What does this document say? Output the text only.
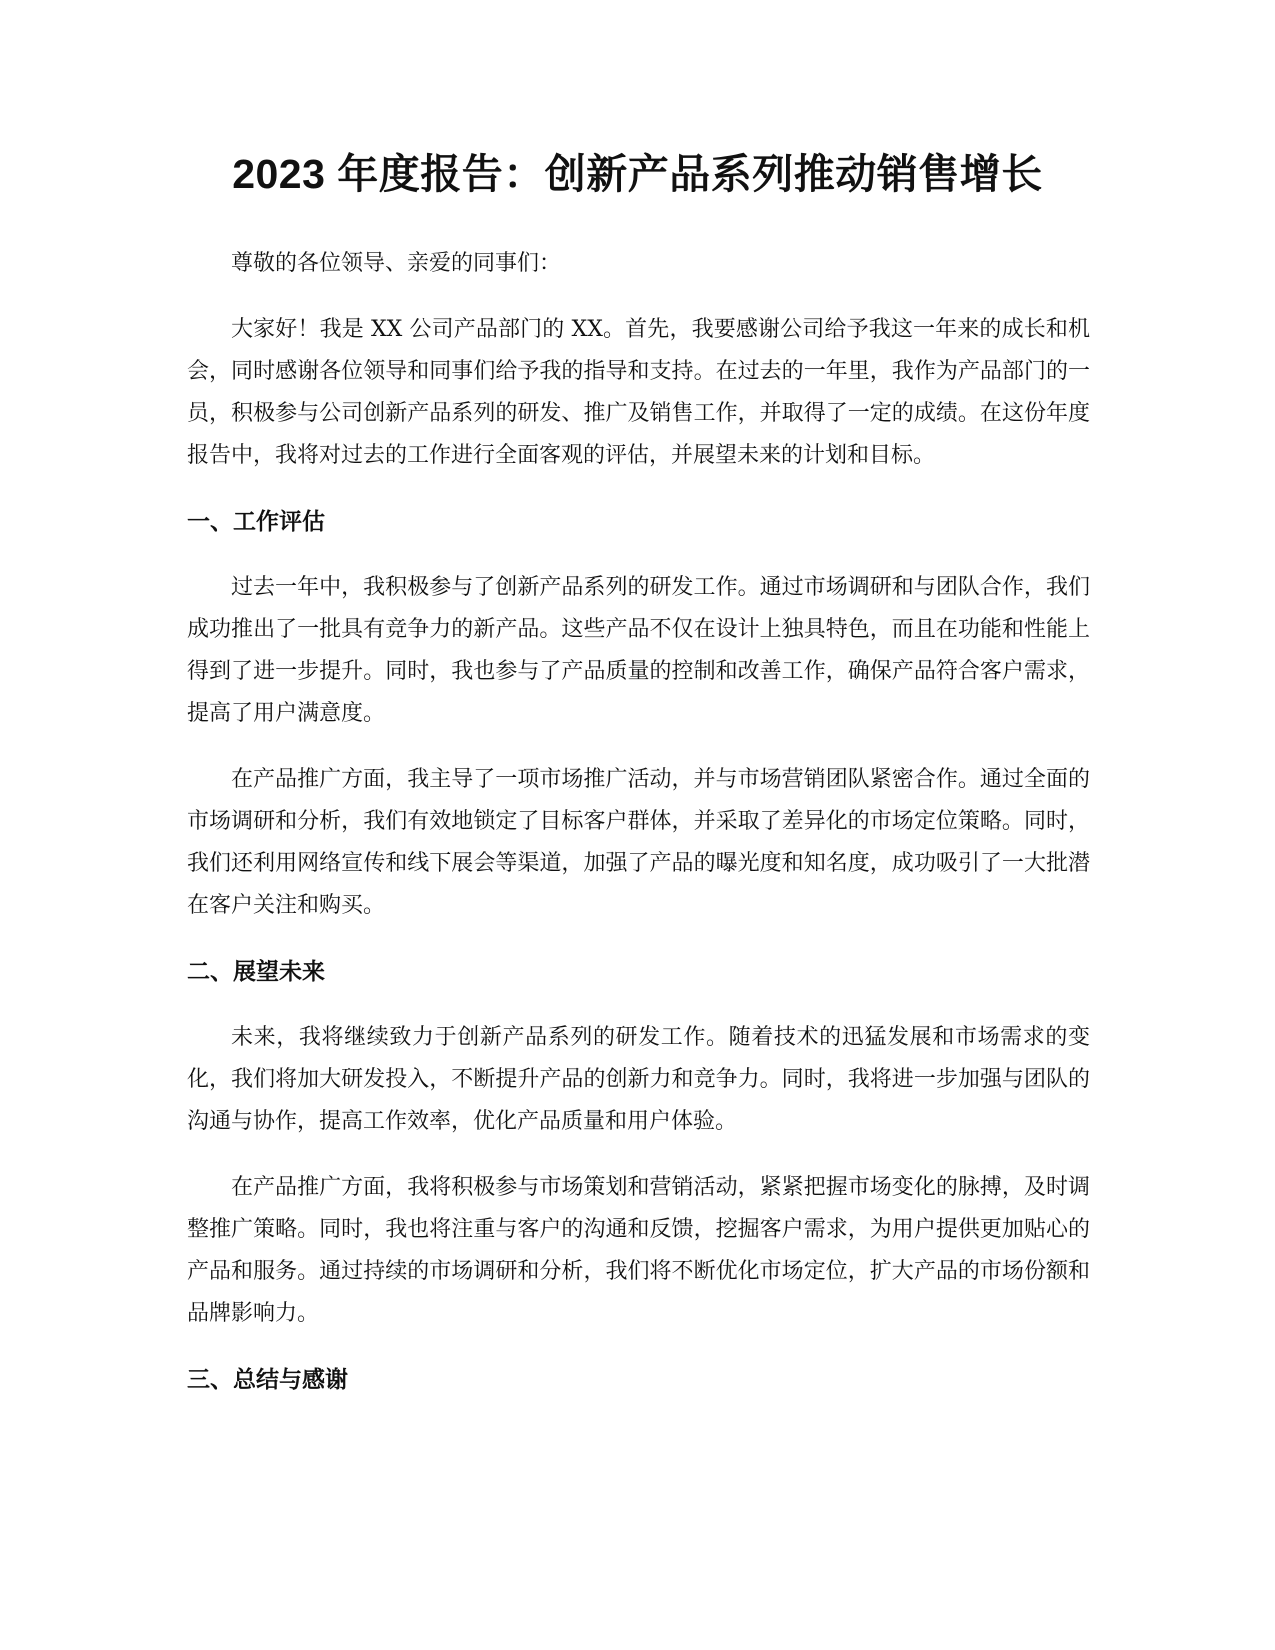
2023 年度报告：创新产品系列推动销售增长

尊敬的各位领导、亲爱的同事们：

大家好！我是 XX 公司产品部门的 XX。首先，我要感谢公司给予我这一年来的成长和机会，同时感谢各位领导和同事们给予我的指导和支持。在过去的一年里，我作为产品部门的一员，积极参与公司创新产品系列的研发、推广及销售工作，并取得了一定的成绩。在这份年度报告中，我将对过去的工作进行全面客观的评估，并展望未来的计划和目标。

一、工作评估

过去一年中，我积极参与了创新产品系列的研发工作。通过市场调研和与团队合作，我们成功推出了一批具有竞争力的新产品。这些产品不仅在设计上独具特色，而且在功能和性能上得到了进一步提升。同时，我也参与了产品质量的控制和改善工作，确保产品符合客户需求，提高了用户满意度。

在产品推广方面，我主导了一项市场推广活动，并与市场营销团队紧密合作。通过全面的市场调研和分析，我们有效地锁定了目标客户群体，并采取了差异化的市场定位策略。同时，我们还利用网络宣传和线下展会等渠道，加强了产品的曝光度和知名度，成功吸引了一大批潜在客户关注和购买。

二、展望未来

未来，我将继续致力于创新产品系列的研发工作。随着技术的迅猛发展和市场需求的变化，我们将加大研发投入，不断提升产品的创新力和竞争力。同时，我将进一步加强与团队的沟通与协作，提高工作效率，优化产品质量和用户体验。

在产品推广方面，我将积极参与市场策划和营销活动，紧紧把握市场变化的脉搏，及时调整推广策略。同时，我也将注重与客户的沟通和反馈，挖掘客户需求，为用户提供更加贴心的产品和服务。通过持续的市场调研和分析，我们将不断优化市场定位，扩大产品的市场份额和品牌影响力。

三、总结与感谢
